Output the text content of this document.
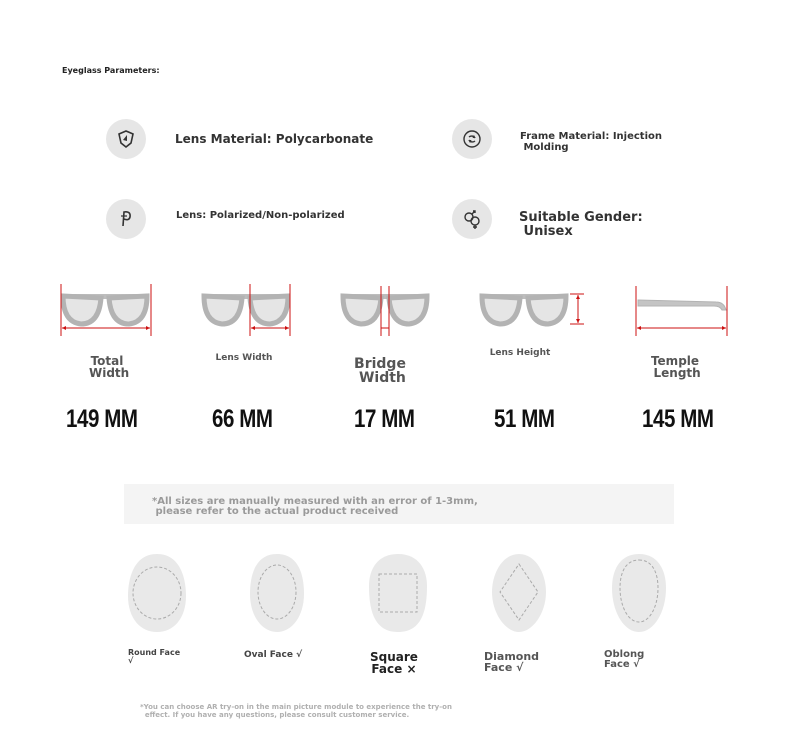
Eyeglass Parameters:
Lens Material: Polycarbonate	Frame Material: Injection
Molding
Lens: Polarized/Non-polarized	Suitable Gender:
Unisex
Total
Width
Lens Width	Bridge
Width
Lens Height
Temple
Length
149 MM	66 MM	17 MM	51 MM	145 MM
*All sizes are manually measured with an error of 1-3mm,
please refer to the actual product received
Round Face
√
Oval Face √	Square
Face ×
Diamond
Face √
Oblong
Face √
*You can choose AR try-on in the main picture module to experience the try-on
effect. If you have any questions, please consult customer service.
